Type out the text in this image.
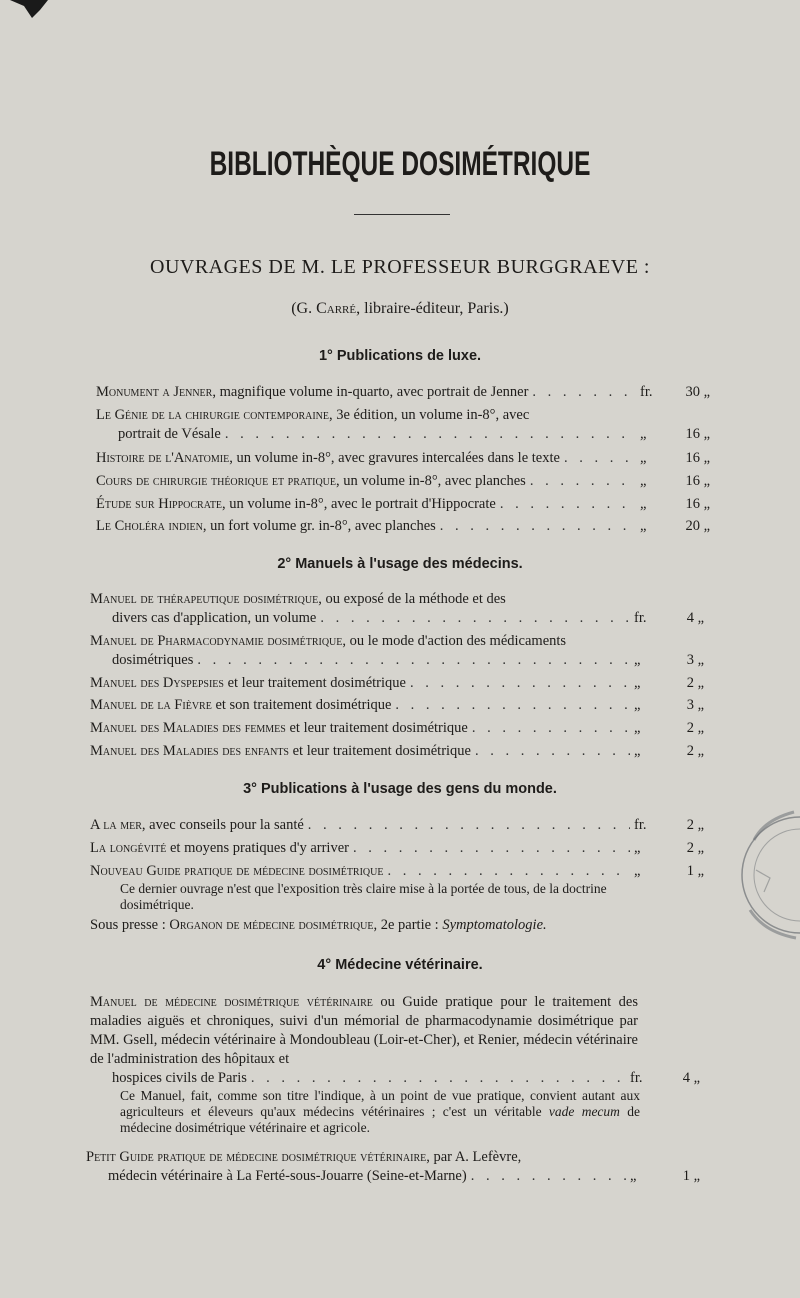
BIBLIOTHÈQUE DOSIMÉTRIQUE
OUVRAGES DE M. LE PROFESSEUR BURGGRAEVE :
(G. Carré, libraire-éditeur, Paris.)
1° Publications de luxe.
Monument a Jenner, magnifique volume in-quarto, avec portrait de Jenner . . .	fr.	30 „
Le Génie de la chirurgie contemporaine, 3e édition, un volume in-8°, avec
portrait de Vésale . . .	„	16 „
Histoire de l'Anatomie, un volume in-8°, avec gravures intercalées dans le texte . . .	„	16 „
Cours de chirurgie théorique et pratique, un volume in-8°, avec planches . . .	„	16 „
Étude sur Hippocrate, un volume in-8°, avec le portrait d'Hippocrate . . .	„	16 „
Le Choléra indien, un fort volume gr. in-8°, avec planches . . .	„	20 „
2° Manuels à l'usage des médecins.
Manuel de thérapeutique dosimétrique, ou exposé de la méthode et des
divers cas d'application, un volume . . .	fr.	4 „
Manuel de Pharmacodynamie dosimétrique, ou le mode d'action des médicaments
dosimétriques . . .	„	3 „
Manuel des Dyspepsies et leur traitement dosimétrique . . .	„	2 „
Manuel de la Fièvre et son traitement dosimétrique . . .	„	3 „
Manuel des Maladies des femmes et leur traitement dosimétrique . . .	„	2 „
Manuel des Maladies des enfants et leur traitement dosimétrique . . .	„	2 „
3° Publications à l'usage des gens du monde.
A la mer, avec conseils pour la santé . . .	fr.	2 „
La longévité et moyens pratiques d'y arriver . . .	„	2 „
Nouveau Guide pratique de médecine dosimétrique . . .	„	1 „
Ce dernier ouvrage n'est que l'exposition très claire mise à la portée de tous, de la doctrine dosimétrique.
Sous presse : Organon de médecine dosimétrique, 2e partie : Symptomatologie.
4° Médecine vétérinaire.
Manuel de médecine dosimétrique vétérinaire ou Guide pratique pour le traitement des maladies aiguës et chroniques, suivi d'un mémorial de pharmacodynamie dosimétrique par MM. Gsell, médecin vétérinaire à Mondoubleau (Loir-et-Cher), et Renier, médecin vétérinaire de l'administration des hôpitaux et
hospices civils de Paris . . .	fr.	4 „
Ce Manuel, fait, comme son titre l'indique, à un point de vue pratique, convient autant aux agriculteurs et éleveurs qu'aux médecins vétérinaires ; c'est un véritable vade mecum de médecine dosimétrique vétérinaire et agricole.
Petit Guide pratique de médecine dosimétrique vétérinaire, par A. Lefèvre,
médecin vétérinaire à La Ferté-sous-Jouarre (Seine-et-Marne) . . .	„	1 „
